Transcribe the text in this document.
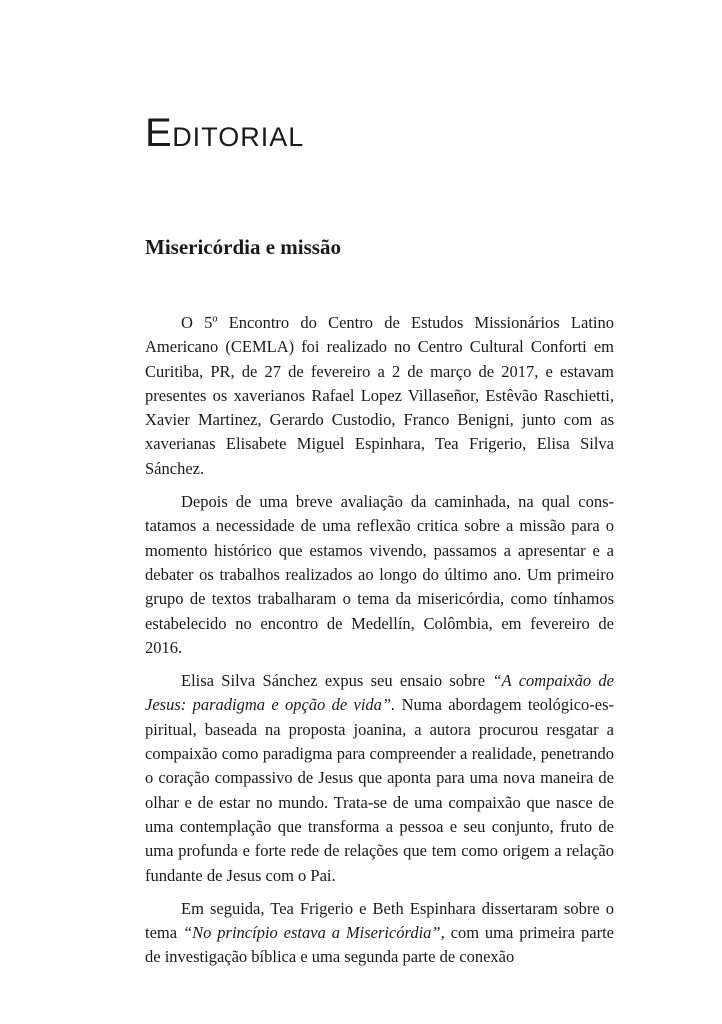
EDITORIAL
Misericórdia e missão

O 5º Encontro do Centro de Estudos Missionários Latino Americano (CEMLA) foi realizado no Centro Cultural Conforti em Curitiba, PR, de 27 de fevereiro a 2 de março de 2017, e estavam presentes os xaverianos Rafael Lopez Villaseñor, Estêvão Raschietti, Xavier Martinez, Gerardo Custodio, Franco Benigni, junto com as xaverianas Elisabete Miguel Espinhara, Tea Frigerio, Elisa Silva Sánchez.

Depois de uma breve avaliação da caminhada, na qual constatamos a necessidade de uma reflexão critica sobre a missão para o momento histórico que estamos vivendo, passamos a apresentar e a debater os trabalhos realizados ao longo do último ano. Um primeiro grupo de textos trabalharam o tema da misericórdia, como tínhamos estabelecido no encontro de Medellín, Colômbia, em fevereiro de 2016.

Elisa Silva Sánchez expus seu ensaio sobre “A compaixão de Jesus: paradigma e opção de vida”. Numa abordagem teológico-espiritual, baseada na proposta joanina, a autora procurou resgatar a compaixão como paradigma para compreender a realidade, penetrando o coração compassivo de Jesus que aponta para uma nova maneira de olhar e de estar no mundo. Trata-se de uma compaixão que nasce de uma contemplação que transforma a pessoa e seu conjunto, fruto de uma profunda e forte rede de relações que tem como origem a relação fundante de Jesus com o Pai.

Em seguida, Tea Frigerio e Beth Espinhara dissertaram sobre o tema “No princípio estava a Misericórdia”, com uma primeira parte de investigação bíblica e uma segunda parte de conexão
